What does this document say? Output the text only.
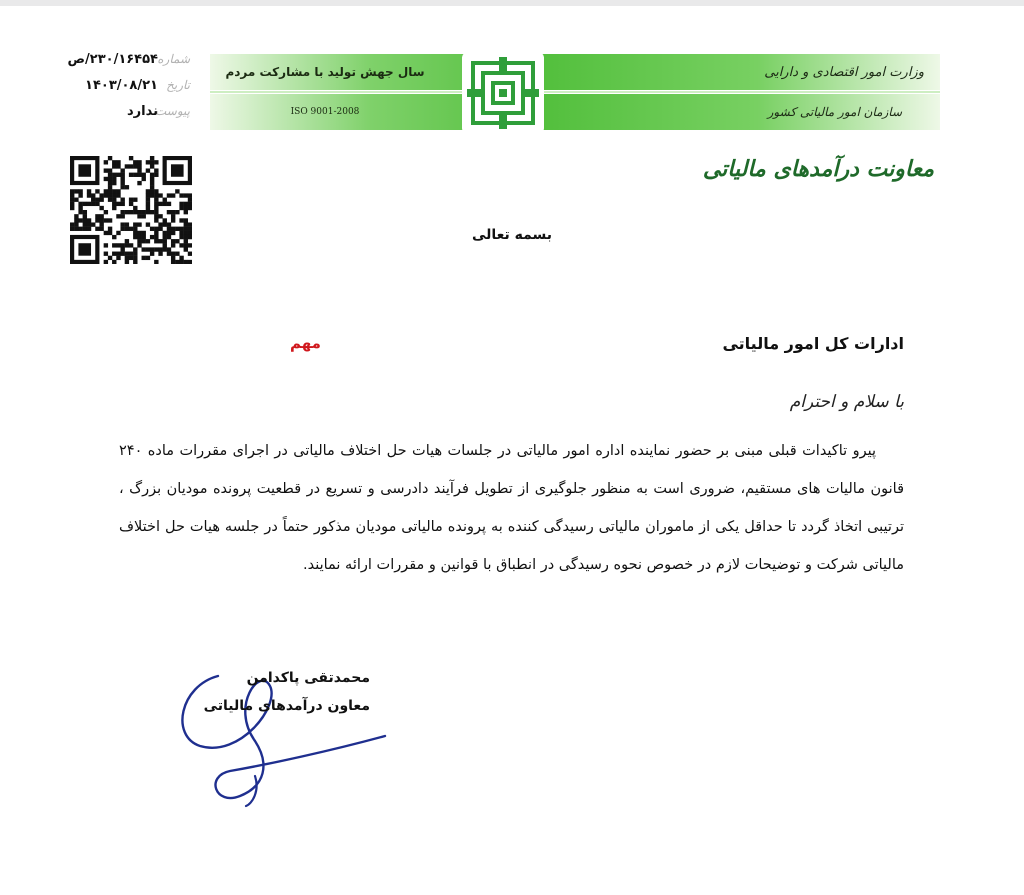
سال جهش تولید با مشارکت مردم
ISO 9001-2008
وزارت امور اقتصادی و دارایی
سازمان امور مالیاتی کشور
معاونت درآمدهای مالیاتی
شماره
۲۳۰/۱۶۴۵۴/ص
تاریخ
۱۴۰۳/۰۸/۲۱
پیوست
ندارد
بسمه تعالی
مهم	ادارات کل امور مالیاتی
با سلام و احترام
پیرو تاکیدات قبلی مبنی بر حضور نماینده اداره امور مالیاتی در جلسات هیات حل اختلاف مالیاتی در اجرای مقررات ماده ۲۴۰ قانون مالیات های مستقیم، ضروری است به منظور جلوگیری از تطویل فرآیند دادرسی و تسریع در قطعیت پرونده مودیان بزرگ ، ترتیبی اتخاذ گردد تا حداقل یکی از ماموران مالیاتی رسیدگی کننده به پرونده مالیاتی مودیان مذکور حتماً در جلسه هیات حل اختلاف مالیاتی شرکت و توضیحات لازم در خصوص نحوه رسیدگی در انطباق با قوانین و مقررات ارائه نمایند.
محمدتقی پاکدامن
معاون درآمدهای مالیاتی
